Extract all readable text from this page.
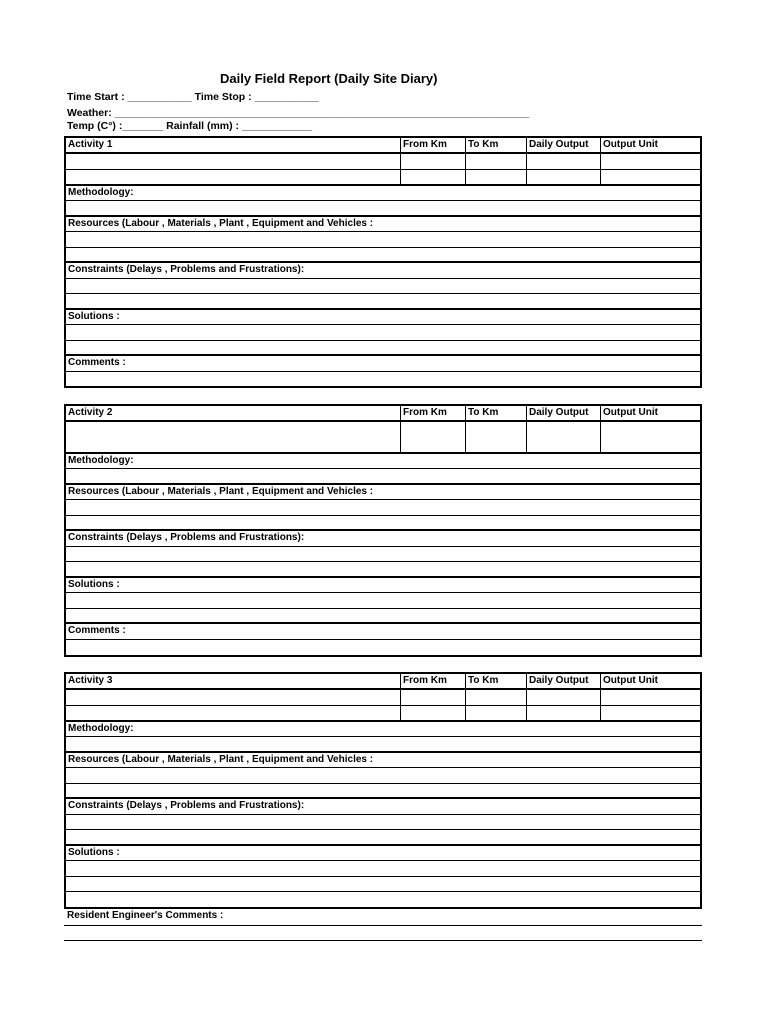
Daily Field Report (Daily Site Diary)
Time Start : ___________ Time Stop : ___________
Weather: _______________________________________________________________________
Temp (C°) :_______ Rainfall (mm) : ____________
Activity 1	From Km	To Km	Daily Output	Output Unit
Methodology:
Resources (Labour , Materials , Plant , Equipment and Vehicles :
Constraints (Delays , Problems and Frustrations):
Solutions :
Comments :
Activity 2	From Km	To Km	Daily Output	Output Unit
Methodology:
Resources (Labour , Materials , Plant , Equipment and Vehicles :
Constraints (Delays , Problems and Frustrations):
Solutions :
Comments :
Activity 3	From Km	To Km	Daily Output	Output Unit
Methodology:
Resources (Labour , Materials , Plant , Equipment and Vehicles :
Constraints (Delays , Problems and Frustrations):
Solutions :
Resident Engineer's Comments :
